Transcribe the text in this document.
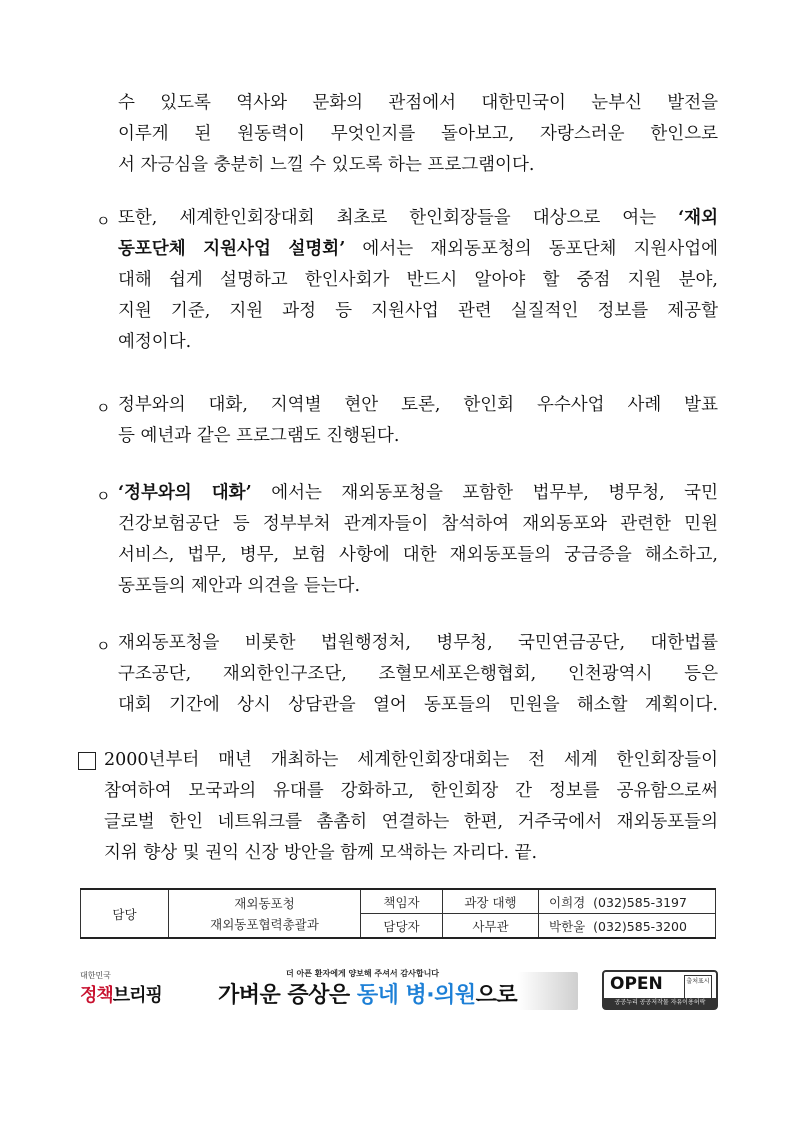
수 있도록 역사와 문화의 관점에서 대한민국이 눈부신 발전을
이루게 된 원동력이 무엇인지를 돌아보고, 자랑스러운 한인으로
서 자긍심을 충분히 느낄 수 있도록 하는 프로그램이다.
ㅇ 또한, 세계한인회장대회 최초로 한인회장들을 대상으로 여는 ‘재외
동포단체 지원사업 설명회’ 에서는 재외동포청의 동포단체 지원사업에
대해 쉽게 설명하고 한인사회가 반드시 알아야 할 중점 지원 분야,
지원 기준, 지원 과정 등 지원사업 관련 실질적인 정보를 제공할
예정이다.
ㅇ 정부와의 대화, 지역별 현안 토론, 한인회 우수사업 사례 발표
등 예년과 같은 프로그램도 진행된다.
ㅇ ‘정부와의 대화’ 에서는 재외동포청을 포함한 법무부, 병무청, 국민
건강보험공단 등 정부부처 관계자들이 참석하여 재외동포와 관련한 민원
서비스, 법무, 병무, 보험 사항에 대한 재외동포들의 궁금증을 해소하고,
동포들의 제안과 의견을 듣는다.
ㅇ 재외동포청을 비롯한 법원행정처, 병무청, 국민연금공단, 대한법률
구조공단, 재외한인구조단, 조혈모세포은행협회, 인천광역시 등은
대회 기간에 상시 상담관을 열어 동포들의 민원을 해소할 계획이다.
2000년부터 매년 개최하는 세계한인회장대회는 전 세계 한인회장들이
참여하여 모국과의 유대를 강화하고, 한인회장 간 정보를 공유함으로써
글로벌 한인 네트워크를 촘촘히 연결하는 한편, 거주국에서 재외동포들의
지위 향상 및 권익 신장 방안을 함께 모색하는 자리다. 끝.
담당	재외동포청
재외동포협력총괄과	책임자	과장 대행	이희경  (032)585-3197
		담당자	사무관	박한울  (032)585-3200
대한민국
정책브리핑
더 아픈 환자에게 양보해 주셔서 감사합니다
가벼운 증상은 동네 병·의원으로	OPEN	출처표시
공공누리 공공저작물 자유이용허락
